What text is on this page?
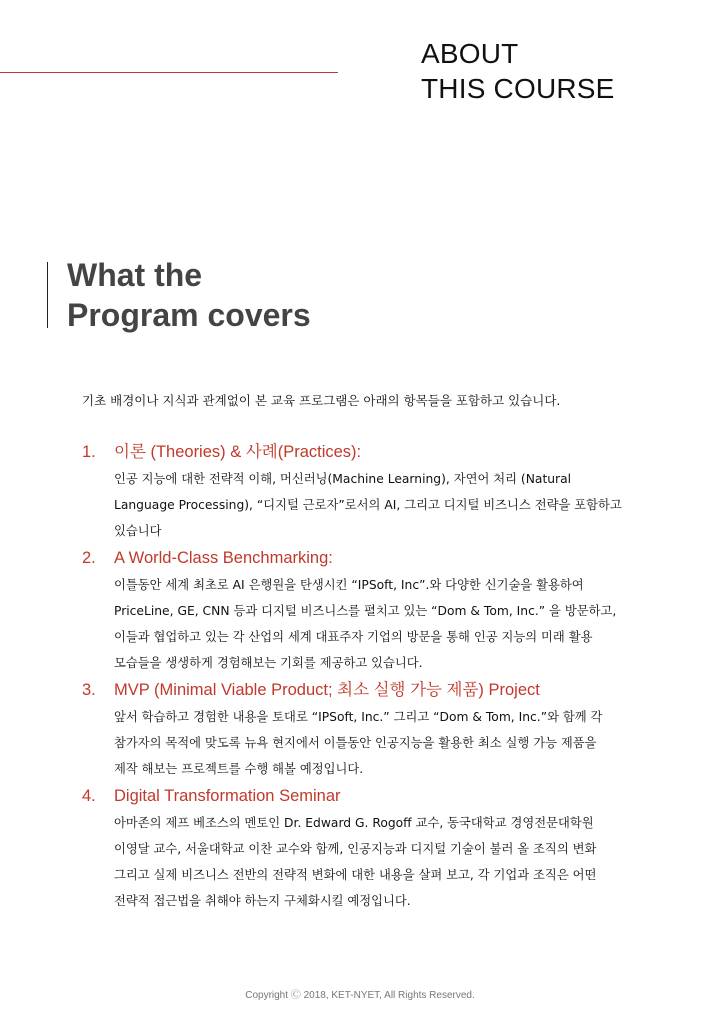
ABOUT
THIS COURSE
What the
Program covers
기초 배경이나 지식과 관계없이 본 교육 프로그램은 아래의 항목들을 포함하고 있습니다.
1.	이론 (Theories) & 사례(Practices):
인공 지능에 대한 전략적 이해, 머신러닝(Machine Learning), 자연어 처리 (Natural Language Processing), “디지털 근로자”로서의 AI, 그리고 디지털 비즈니스 전략을 포함하고 있습니다
2.	A World-Class Benchmarking:
이틀동안 세계 최초로 AI 은행원을 탄생시킨 “IPSoft, Inc”.와 다양한 신기술을 활용하여 PriceLine, GE, CNN 등과 디지털 비즈니스를 펼치고 있는 “Dom & Tom, Inc.” 을 방문하고, 이들과 협업하고 있는 각 산업의 세계 대표주자 기업의 방문을 통해 인공 지능의 미래 활용 모습들을 생생하게 경험해보는 기회를 제공하고 있습니다.
3.	MVP (Minimal Viable Product; 최소 실행 가능 제품) Project
앞서 학습하고 경험한 내용을 토대로 “IPSoft, Inc.” 그리고 “Dom & Tom, Inc.”와 함께 각 참가자의 목적에 맞도록 뉴욕 현지에서 이틀동안 인공지능을 활용한 최소 실행 가능 제품을 제작 해보는 프로젝트를 수행 해볼 예정입니다.
4.	Digital Transformation Seminar
아마존의 제프 베조스의 멘토인 Dr. Edward G. Rogoff 교수, 동국대학교 경영전문대학원 이영달 교수, 서울대학교 이찬 교수와 함께, 인공지능과 디지털 기술이 불러 올 조직의 변화 그리고 실제 비즈니스 전반의 전략적 변화에 대한 내용을 살펴 보고, 각 기업과 조직은 어떤 전략적 접근법을 취해야 하는지 구체화시킬 예정입니다.
Copyright Ⓒ 2018, KET-NYET, All Rights Reserved.
